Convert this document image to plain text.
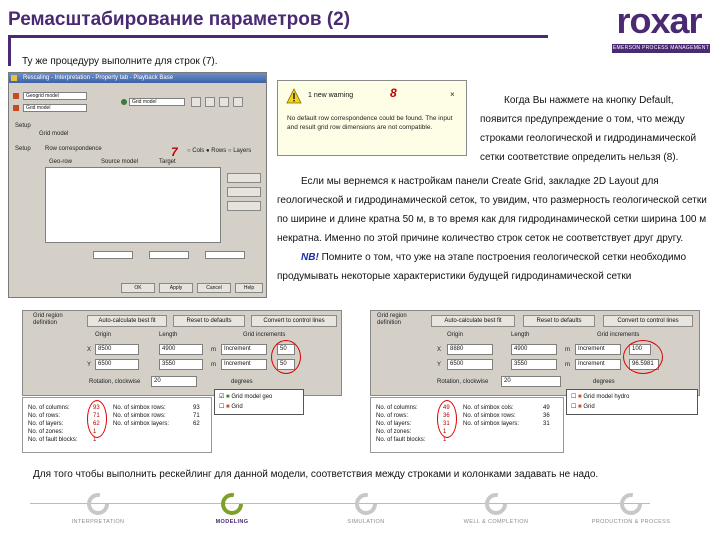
Ремасштабирование параметров (2)	roxar
EMERSON PROCESS MANAGEMENT
Ту же процедуру выполните для строк (7).
Rescaling - Interpretation - Property tab - Playback Base
Geogrid model
Grid model
Grid model
Setup
Grid model
Setup Row correspondence	7 ○ Cols ● Rows ○ Layers
Geo-row	Source model	Target
OK	Apply	Cancel	Help
1 new warning	8	×
No default row correspondence could be found. The input and result grid row dimensions are not compatible.
Когда Вы нажмете на кнопку Default, появится предупреждение о том, что между строками геологической и гидродинамической сетки соответствие определить нельзя (8).

Если мы вернемся к настройкам панели Create Grid, закладке 2D Layout для геологической и гидродинамической сеток, то увидим, что размерность геологической сетки по ширине и длине кратна 50 м, в то время как для гидродинамической сетки ширина 100 м некратна. Именно по этой причине количество строк сеток не соответствует друг другу.

NB! Помните о том, что уже на этапе построения геологической сетки необходимо продумывать некоторые характеристики будущей гидродинамической сетки

Grid region definition	Auto-calculate best fit	Reset to defaults	Convert to control lines
Origin	Length	Grid increments
X	8500	4900	m	Increment	50
Y	6500	3550	m	Increment	50
Rotation, clockwise	20	degrees
☑ ■ Grid model geo
☐ ■ Grid
No. of columns:	93 No. of simbox rows:	93
No. of rows:	71 No. of simbox rows:	71
No. of layers:	62 No. of simbox layers:	62
No. of zones:	1
No. of fault blocks:	1
Grid region definition	Auto-calculate best fit	Reset to defaults	Convert to control lines
Origin	Length	Grid increments
X	8880	4900	m	Increment	100
Y	6500	3550	m	Increment	96.5981
Rotation, clockwise	20	degrees
☐ ■ Grid model hydro
☐ ■ Grid
No. of columns:	49 No. of simbox cols:	49
No. of rows:	36 No. of simbox rows:	36
No. of layers:	31 No. of simbox layers:	31
No. of zones:	1
No. of fault blocks:	1
Для того чтобы выполнить рескейлинг для данной модели, соответствия между строками и колонками задавать не надо.
INTERPRETATION	MODELING	SIMULATION	WELL & COMPLETION	PRODUCTION & PROCESS
